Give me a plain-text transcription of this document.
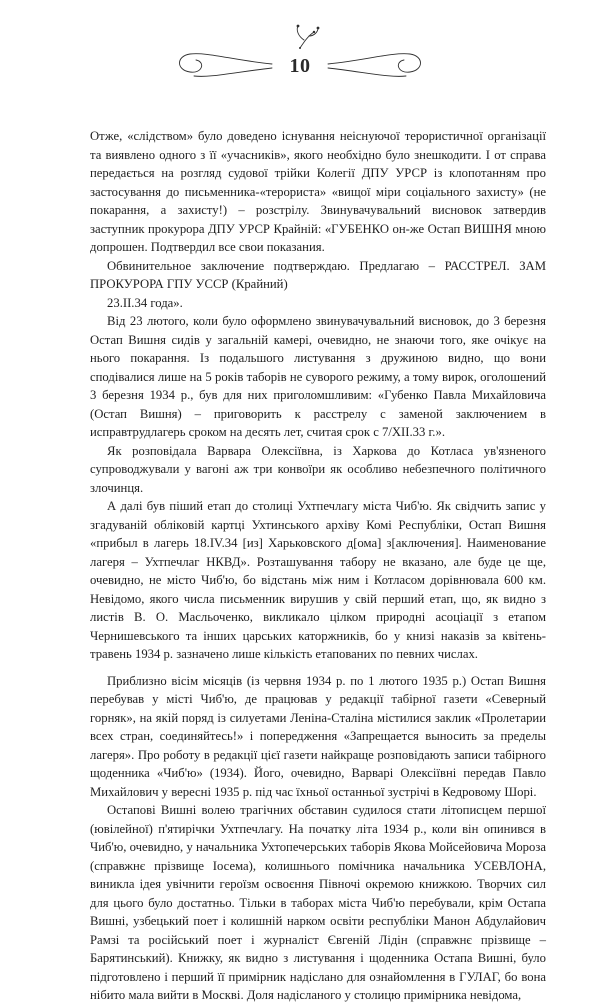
10

Отже, «слідством» було доведено існування неіснуючої терористичної організації та виявлено одного з її «учасників», якого необхідно було знешкодити. І от справа передається на розгляд судової трійки Колегії ДПУ УРСР із клопотанням про застосування до письменника-«терориста» «вищої міри соціального захисту» (не покарання, а захисту!) – розстрілу. Звинувачувальний висновок затвердив заступник прокурора ДПУ УРСР Крайній: «ГУБЕНКО он-же Остап ВИШНЯ мною допрошен. Подтвердил все свои показания.

Обвинительное заключение подтверждаю. Предлагаю – РАССТРЕЛ. ЗАМ ПРОКУРОРА ГПУ УССР (Крайний)

23.II.34 года».

Від 23 лютого, коли було оформлено звинувачувальний висновок, до 3 березня Остап Вишня сидів у загальній камері, очевидно, не знаючи того, яке очікує на нього покарання. Із подальшого листування з дружиною видно, що вони сподівалися лише на 5 років таборів не суворого режиму, а тому вирок, оголошений 3 березня 1934 р., був для них приголомшливим: «Губенко Павла Михайловича (Остап Вишня) – приговорить к расстрелу с заменой заключением в исправтрудлагерь сроком на десять лет, считая срок с 7/XII.33 г.».

Як розповідала Варвара Олексіївна, із Харкова до Котласа ув'язненого супроводжували у вагоні аж три конвоїри як особливо небезпечного політичного злочинця.

А далі був піший етап до столиці Ухтпечлагу міста Чиб'ю. Як свідчить запис у згадуваній обліковій картці Ухтинського архіву Комі Республіки, Остап Вишня «прибыл в лагерь 18.IV.34 [из] Харьковского д[ома] з[аключения]. Наименование лагеря – Ухтпечлаг НКВД». Розташування табору не вказано, але буде це ще, очевидно, не місто Чиб'ю, бо відстань між ним і Котласом дорівнювала 600 км. Невідомо, якого числа письменник вирушив у свій перший етап, що, як видно з листів В. О. Масльоченко, викликало цілком природні асоціації з етапом Чернишевського та інших царських каторжників, бо у книзі наказів за квітень-травень 1934 р. зазначено лише кількість етапованих по певних числах.

Приблизно вісім місяців (із червня 1934 р. по 1 лютого 1935 р.) Остап Вишня перебував у місті Чиб'ю, де працював у редакції табірної газети «Северный горняк», на якій поряд із силуетами Леніна-Сталіна містилися заклик «Пролетарии всех стран, соединяйтесь!» і попередження «Запрещается выносить за пределы лагеря». Про роботу в редакції цієї газети найкраще розповідають записи табірного щоденника «Чиб'ю» (1934). Його, очевидно, Варварі Олексіївні передав Павло Михайлович у вересні 1935 р. під час їхньої останньої зустрічі в Кедровому Шорі.

Остапові Вишні волею трагічних обставин судилося стати літописцем першої (ювілейної) п'ятирічки Ухтпечлагу. На початку літа 1934 р., коли він опинився в Чиб'ю, очевидно, у начальника Ухтопечерських таборів Якова Мойсейовича Мороза (справжнє прізвище Іосема), колишнього помічника начальника УСЕВЛОНА, виникла ідея увічнити героїзм освоєння Півночі окремою книжкою. Творчих сил для цього було достатньо. Тільки в таборах міста Чиб'ю перебували, крім Остапа Вишні, узбецький поет і колишній нарком освіти республіки Манон Абдулайович Рамзі та російський поет і журналіст Євгеній Лідін (справжнє прізвище – Барятинський). Книжку, як видно з листування і щоденника Остапа Вишні, було підготовлено і перший її примірник надіслано для ознайомлення в ГУЛАГ, бо вона нібито мала вийти в Москві. Доля надісланого у столицю примірника невідома,
